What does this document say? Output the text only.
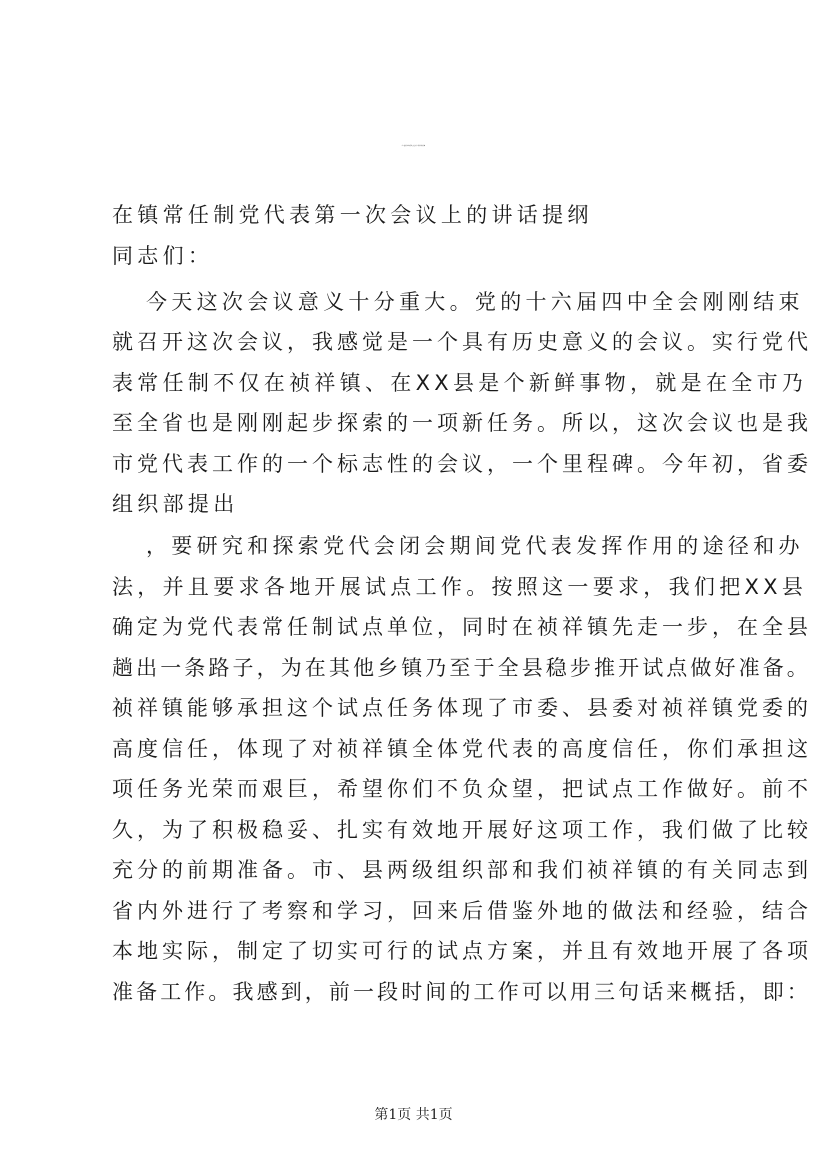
在X镇常任制党代表会议上的讲话提纲
在镇常任制党代表第一次会议上的讲话提纲
同志们：
今天这次会议意义十分重大。党的十六届四中全会刚刚结束
就召开这次会议，我感觉是一个具有历史意义的会议。实行党代
表常任制不仅在祯祥镇、在XX县是个新鲜事物，就是在全市乃
至全省也是刚刚起步探索的一项新任务。所以，这次会议也是我
市党代表工作的一个标志性的会议，一个里程碑。今年初，省委
组织部提出
，要研究和探索党代会闭会期间党代表发挥作用的途径和办
法，并且要求各地开展试点工作。按照这一要求，我们把XX县
确定为党代表常任制试点单位，同时在祯祥镇先走一步，在全县
趟出一条路子，为在其他乡镇乃至于全县稳步推开试点做好准备。
祯祥镇能够承担这个试点任务体现了市委、县委对祯祥镇党委的
高度信任，体现了对祯祥镇全体党代表的高度信任，你们承担这
项任务光荣而艰巨，希望你们不负众望，把试点工作做好。前不
久，为了积极稳妥、扎实有效地开展好这项工作，我们做了比较
充分的前期准备。市、县两级组织部和我们祯祥镇的有关同志到
省内外进行了考察和学习，回来后借鉴外地的做法和经验，结合
本地实际，制定了切实可行的试点方案，并且有效地开展了各项
准备工作。我感到，前一段时间的工作可以用三句话来概括，即：
第1页 共1页
